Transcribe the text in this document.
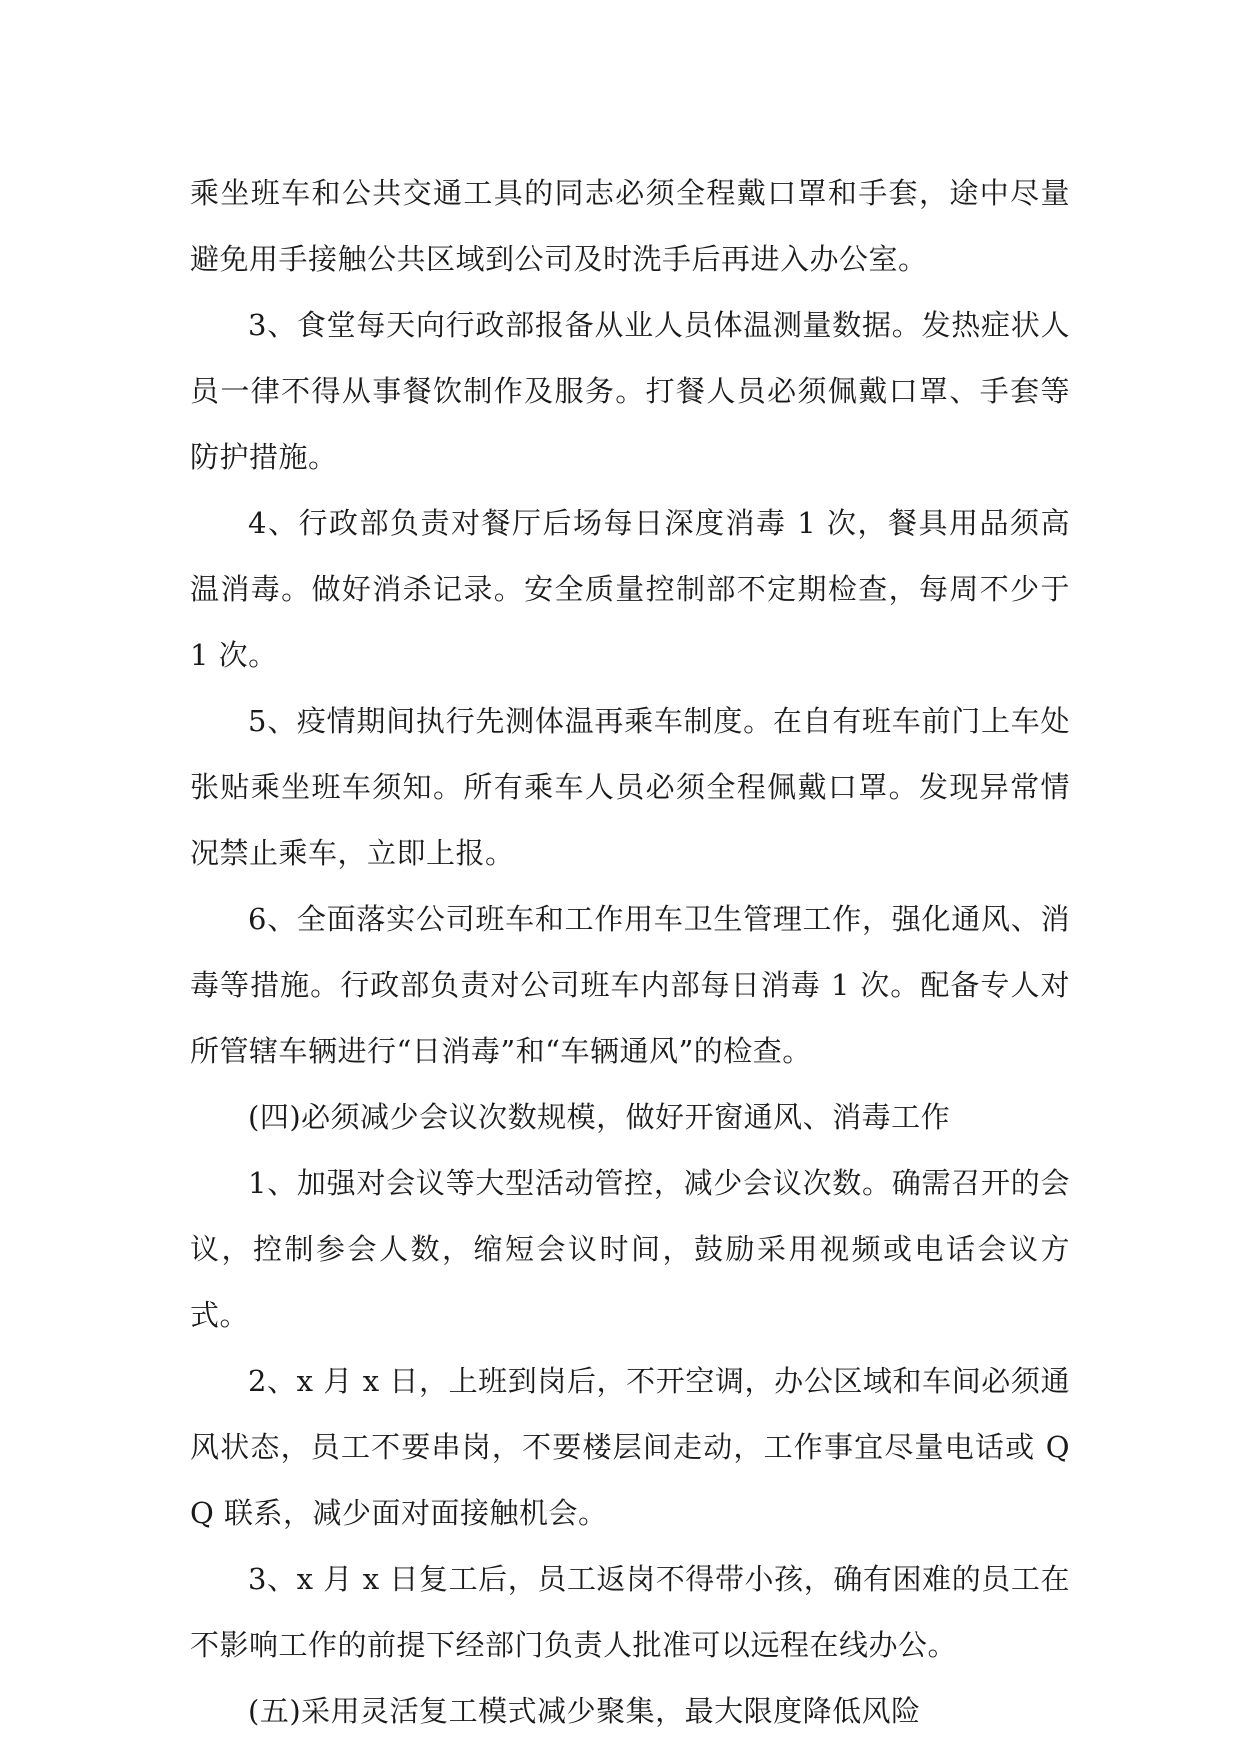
乘坐班车和公共交通工具的同志必须全程戴口罩和手套，途中尽量避免用手接触公共区域到公司及时洗手后再进入办公室。

3、食堂每天向行政部报备从业人员体温测量数据。发热症状人员一律不得从事餐饮制作及服务。打餐人员必须佩戴口罩、手套等防护措施。

4、行政部负责对餐厅后场每日深度消毒 1 次，餐具用品须高温消毒。做好消杀记录。安全质量控制部不定期检查，每周不少于 1 次。

5、疫情期间执行先测体温再乘车制度。在自有班车前门上车处张贴乘坐班车须知。所有乘车人员必须全程佩戴口罩。发现异常情况禁止乘车，立即上报。

6、全面落实公司班车和工作用车卫生管理工作，强化通风、消毒等措施。行政部负责对公司班车内部每日消毒 1 次。配备专人对所管辖车辆进行“日消毒”和“车辆通风”的检查。

(四)必须减少会议次数规模，做好开窗通风、消毒工作

1、加强对会议等大型活动管控，减少会议次数。确需召开的会议，控制参会人数，缩短会议时间，鼓励采用视频或电话会议方式。

2、x 月 x 日，上班到岗后，不开空调，办公区域和车间必须通风状态，员工不要串岗，不要楼层间走动，工作事宜尽量电话或 QQ 联系，减少面对面接触机会。

3、x 月 x 日复工后，员工返岗不得带小孩，确有困难的员工在不影响工作的前提下经部门负责人批准可以远程在线办公。

(五)采用灵活复工模式减少聚集，最大限度降低风险
